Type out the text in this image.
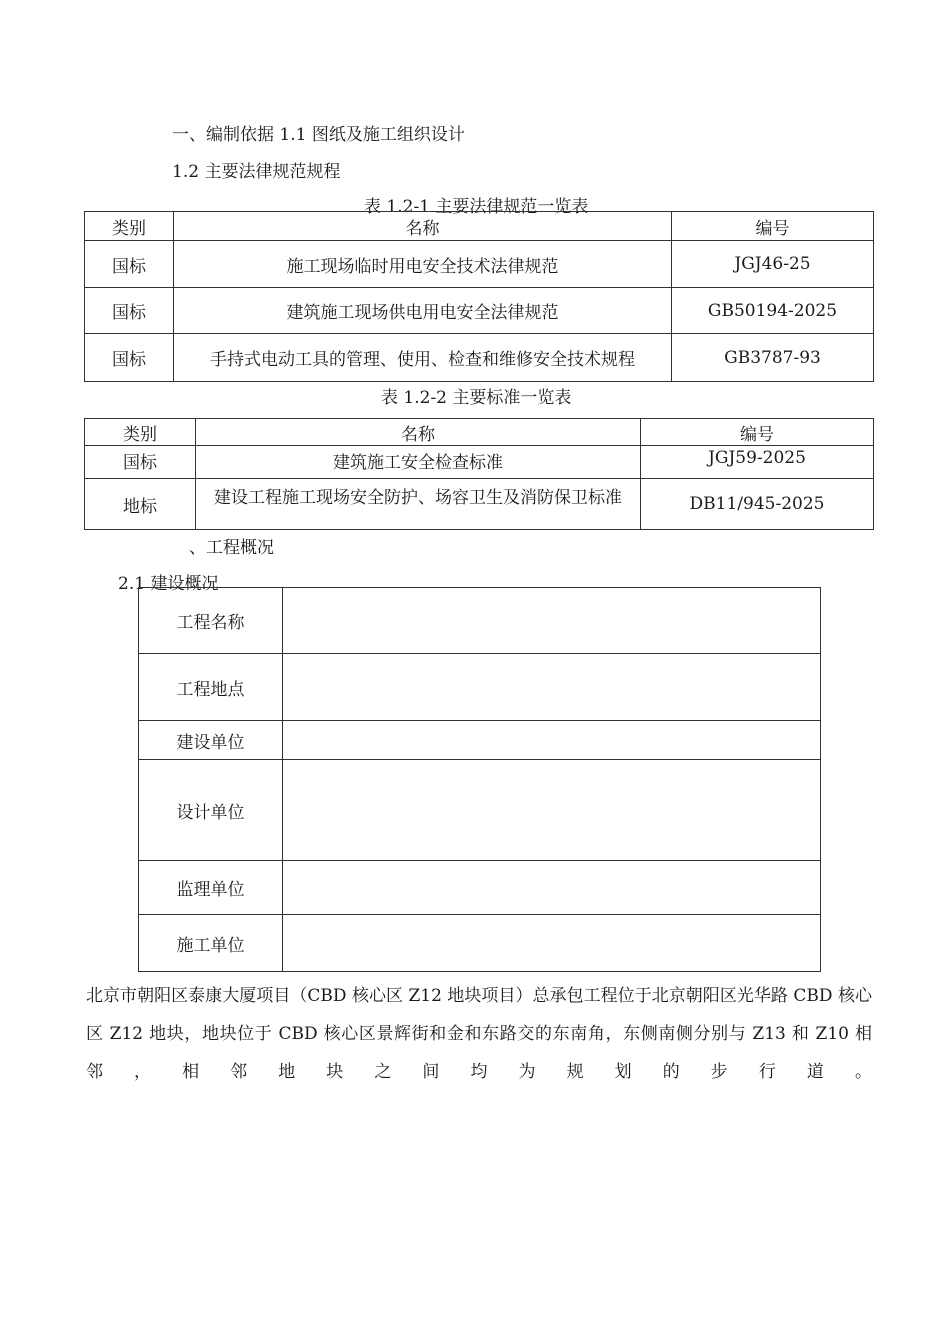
一、编制依据 1.1 图纸及施工组织设计
1.2 主要法律规范规程
表 1.2-1 主要法律规范一览表
类别	名称	编号
国标	施工现场临时用电安全技术法律规范	JGJ46-25
国标	建筑施工现场供电用电安全法律规范	GB50194-2025
国标	手持式电动工具的管理、使用、检查和维修安全技术规程	GB3787-93
表 1.2-2 主要标准一览表
类别	名称	编号
国标	建筑施工安全检查标准	JGJ59-2025
地标	建设工程施工现场安全防护、场容卫生及消防保卫标准	DB11/945-2025
、工程概况
2.1 建设概况
工程名称	
工程地点	
建设单位	
设计单位	
监理单位	
施工单位	
北京市朝阳区泰康大厦项目（CBD 核心区 Z12 地块项目）总承包工程位于北京朝阳区光华路 CBD 核心
区 Z12 地块，地块位于 CBD 核心区景辉街和金和东路交的东南角，东侧南侧分别与 Z13 和 Z10 相
邻 ， 相 邻 地 块 之 间 均 为 规 划 的 步 行 道 。
